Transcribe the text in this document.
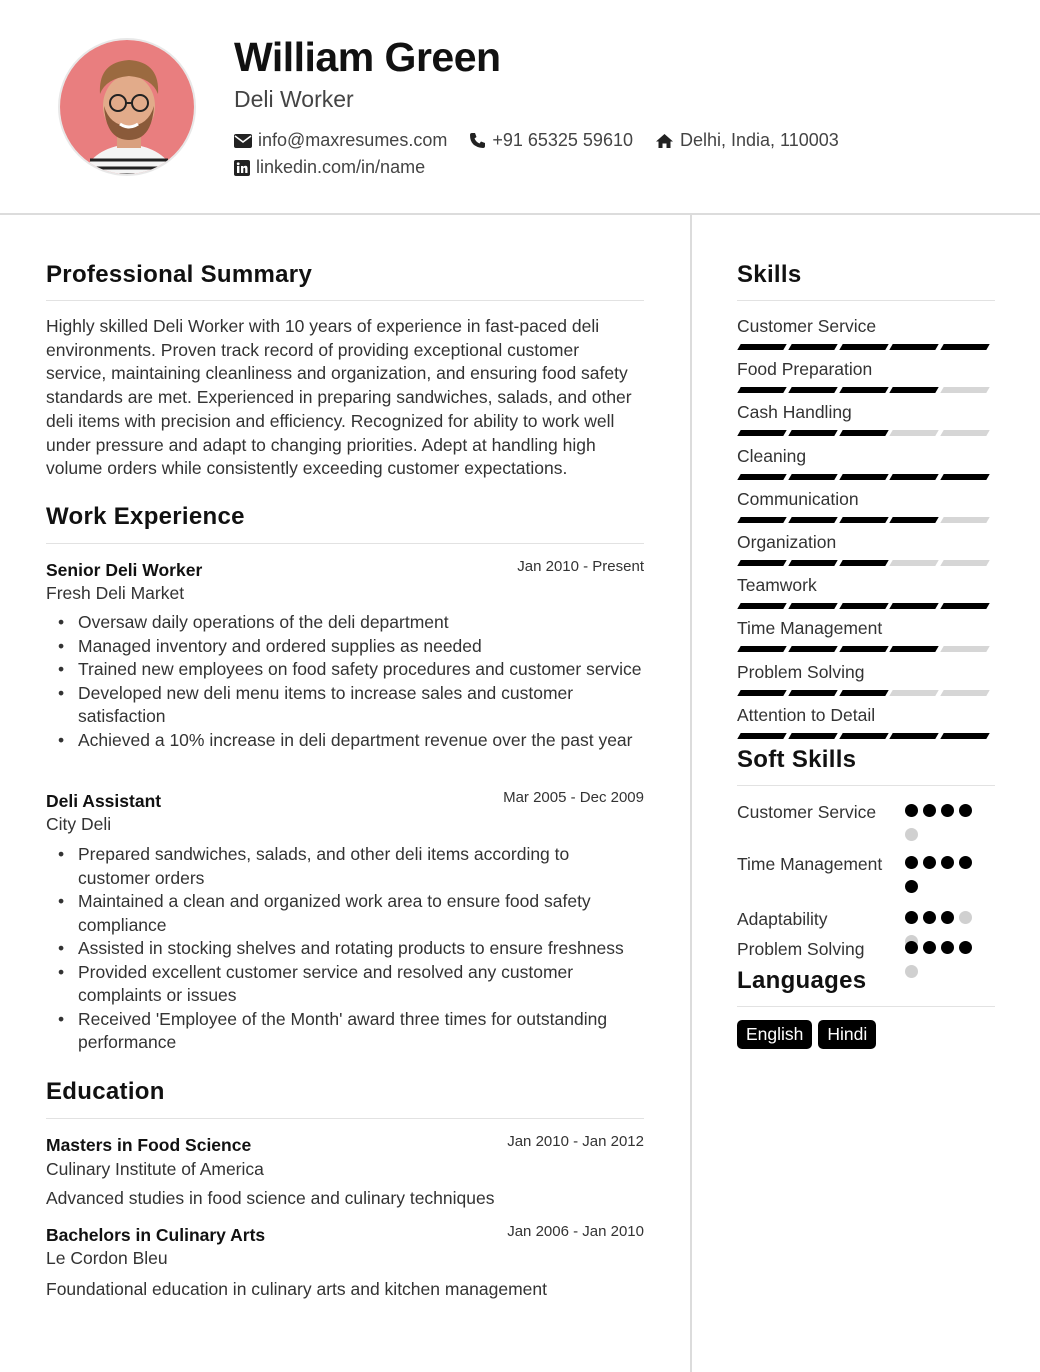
William Green
Deli Worker
info@maxresumes.com	+91 65325 59610	Delhi, India, 110003
linkedin.com/in/name
Professional Summary
Highly skilled Deli Worker with 10 years of experience in fast-paced deli environments. Proven track record of providing exceptional customer service, maintaining cleanliness and organization, and ensuring food safety standards are met. Experienced in preparing sandwiches, salads, and other deli items with precision and efficiency. Recognized for ability to work well under pressure and adapt to changing priorities. Adept at handling high volume orders while consistently exceeding customer expectations.
Work Experience
Senior Deli Worker	Jan 2010 - Present
Fresh Deli Market
• Oversaw daily operations of the deli department
• Managed inventory and ordered supplies as needed
• Trained new employees on food safety procedures and customer service
• Developed new deli menu items to increase sales and customer satisfaction
• Achieved a 10% increase in deli department revenue over the past year
Deli Assistant	Mar 2005 - Dec 2009
City Deli
• Prepared sandwiches, salads, and other deli items according to customer orders
• Maintained a clean and organized work area to ensure food safety compliance
• Assisted in stocking shelves and rotating products to ensure freshness
• Provided excellent customer service and resolved any customer complaints or issues
• Received 'Employee of the Month' award three times for outstanding performance
Education
Masters in Food Science	Jan 2010 - Jan 2012
Culinary Institute of America
Advanced studies in food science and culinary techniques
Bachelors in Culinary Arts	Jan 2006 - Jan 2010
Le Cordon Bleu
Foundational education in culinary arts and kitchen management
Skills
Customer Service
Food Preparation
Cash Handling
Cleaning
Communication
Organization
Teamwork
Time Management
Problem Solving
Attention to Detail
Soft Skills
Customer Service
Time Management
Adaptability
Problem Solving
Languages
English	Hindi
